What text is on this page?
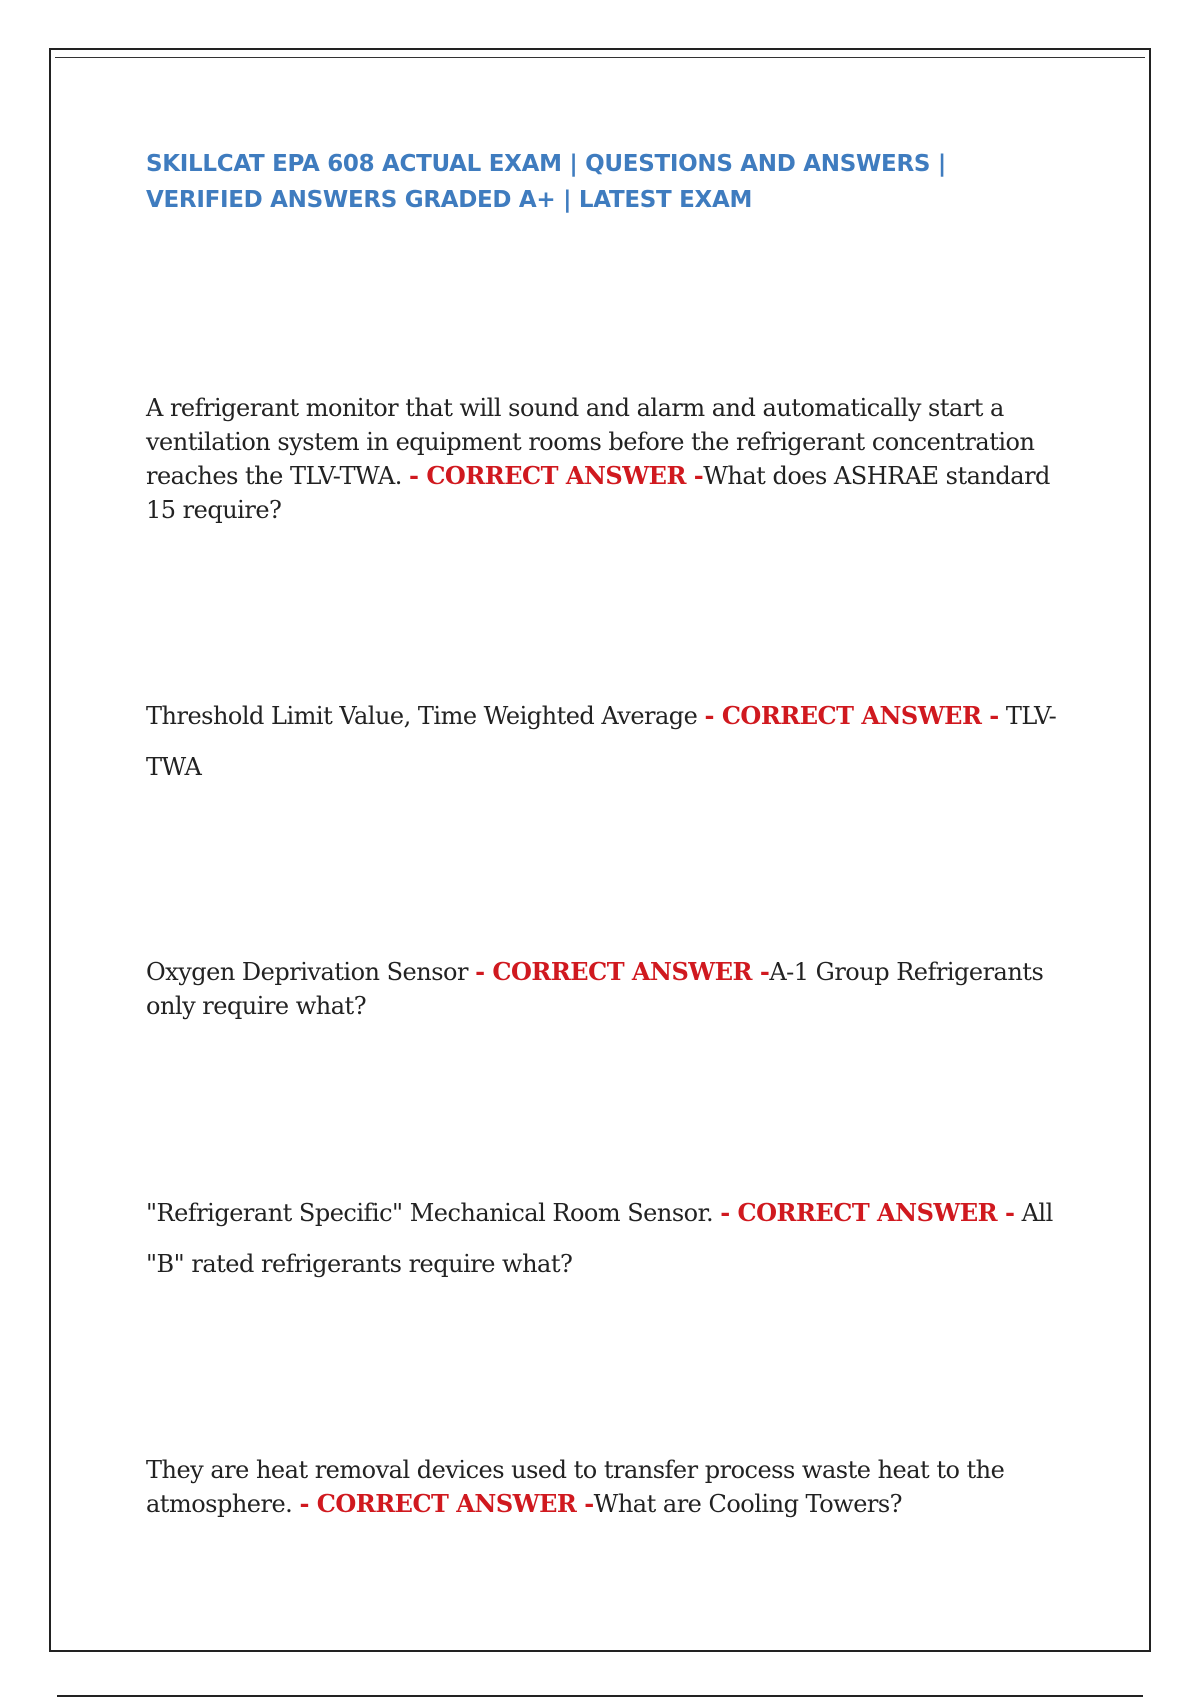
SKILLCAT EPA 608 ACTUAL EXAM | QUESTIONS AND ANSWERS | VERIFIED ANSWERS GRADED A+ | LATEST EXAM

A refrigerant monitor that will sound and alarm and automatically start a ventilation system in equipment rooms before the refrigerant concentration reaches the TLV-TWA. - CORRECT ANSWER -What does ASHRAE standard 15 require?

Threshold Limit Value, Time Weighted Average - CORRECT ANSWER - TLV-TWA

Oxygen Deprivation Sensor - CORRECT ANSWER -A-1 Group Refrigerants only require what?

"Refrigerant Specific" Mechanical Room Sensor. - CORRECT ANSWER - All "B" rated refrigerants require what?

They are heat removal devices used to transfer process waste heat to the atmosphere. - CORRECT ANSWER -What are Cooling Towers?
